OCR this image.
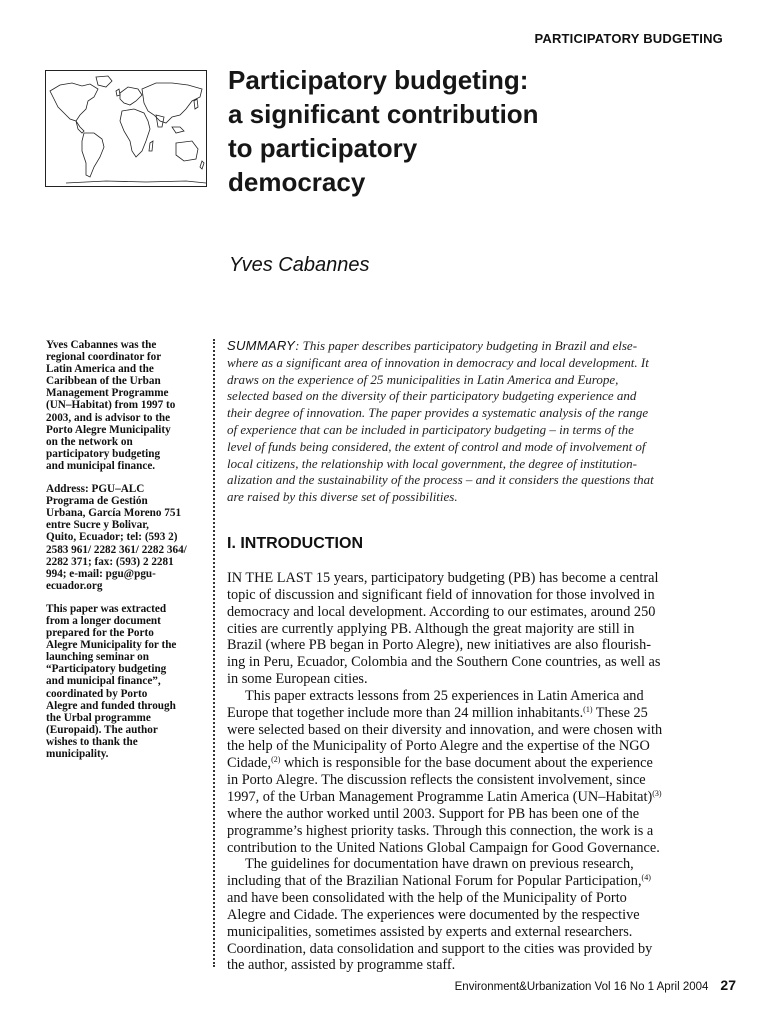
PARTICIPATORY BUDGETING
Participatory budgeting:
a significant contribution
to participatory
democracy
Yves Cabannes

Yves Cabannes was the
regional coordinator for
Latin America and the
Caribbean of the Urban
Management Programme
(UN–Habitat) from 1997 to
2003, and is advisor to the
Porto Alegre Municipality
on the network on
participatory budgeting
and municipal finance.

Address: PGU–ALC
Programa de Gestión
Urbana, García Moreno 751
entre Sucre y Bolivar,
Quito, Ecuador; tel: (593 2)
2583 961/ 2282 361/ 2282 364/
2282 371; fax: (593) 2 2281
994; e-mail: pgu@pgu-
ecuador.org

This paper was extracted
from a longer document
prepared for the Porto
Alegre Municipality for the
launching seminar on
“Participatory budgeting
and municipal finance”,
coordinated by Porto
Alegre and funded through
the Urbal programme
(Europaid). The author
wishes to thank the
municipality.

SUMMARY: This paper describes participatory budgeting in Brazil and else-
where as a significant area of innovation in democracy and local development. It
draws on the experience of 25 municipalities in Latin America and Europe,
selected based on the diversity of their participatory budgeting experience and
their degree of innovation. The paper provides a systematic analysis of the range
of experience that can be included in participatory budgeting – in terms of the
level of funds being considered, the extent of control and mode of involvement of
local citizens, the relationship with local government, the degree of institution-
alization and the sustainability of the process – and it considers the questions that
are raised by this diverse set of possibilities.
I. INTRODUCTION
IN THE LAST 15 years, participatory budgeting (PB) has become a central
topic of discussion and significant field of innovation for those involved in
democracy and local development. According to our estimates, around 250
cities are currently applying PB. Although the great majority are still in
Brazil (where PB began in Porto Alegre), new initiatives are also flourish-
ing in Peru, Ecuador, Colombia and the Southern Cone countries, as well as
in some European cities.
This paper extracts lessons from 25 experiences in Latin America and
Europe that together include more than 24 million inhabitants.$^{(1)}$ These 25
were selected based on their diversity and innovation, and were chosen with
the help of the Municipality of Porto Alegre and the expertise of the NGO
Cidade,$^{(2)}$ which is responsible for the base document about the experience
in Porto Alegre. The discussion reflects the consistent involvement, since
1997, of the Urban Management Programme Latin America (UN–Habitat)$^{(3)}$
where the author worked until 2003. Support for PB has been one of the
programme’s highest priority tasks. Through this connection, the work is a
contribution to the United Nations Global Campaign for Good Governance.
The guidelines for documentation have drawn on previous research,
including that of the Brazilian National Forum for Popular Participation,$^{(4)}$
and have been consolidated with the help of the Municipality of Porto
Alegre and Cidade. The experiences were documented by the respective
municipalities, sometimes assisted by experts and external researchers.
Coordination, data consolidation and support to the cities was provided by
the author, assisted by programme staff.
Environment&Urbanization Vol 16 No 1 April 2004 27
